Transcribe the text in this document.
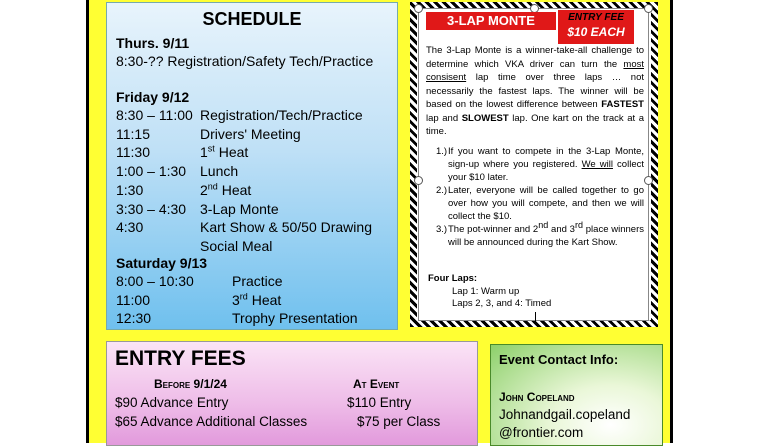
SCHEDULE
Thurs. 9/11
8:30-?? Registration/Safety Tech/Practice
Friday 9/12
8:30 – 11:00 Registration/Tech/Practice
11:15	Drivers' Meeting
11:30	1st Heat
1:00 – 1:30 Lunch
1:30	2nd Heat
3:30 – 4:30 3-Lap Monte
4:30	Kart Show & 50/50 Drawing
Social Meal
Saturday 9/13
8:00 – 10:30	Practice
11:00	3rd Heat
12:30	Trophy Presentation
3-LAP MONTE	ENTRY FEE
$10 EACH

The 3-Lap Monte is a winner-take-all challenge to determine which VKA driver can turn the most consisent lap time over three laps … not necessarily the fastest laps. The winner will be based on the lowest difference between FASTEST lap and SLOWEST lap. One kart on the track at a time.

1.) If you want to compete in the 3-Lap Monte, sign-up where you registered. We will collect your $10 later.
2.) Later, everyone will be called together to go over how you will compete, and then we will collect the $10.
3.) The pot-winner and 2nd and 3rd place winners will be announced during the Kart Show.
Four Laps:
Lap 1: Warm up
Laps 2, 3, and 4: Timed
ENTRY FEES
Before 9/1/24	At Event
$90 Advance Entry	$110 Entry
$65 Advance Additional Classes	$75 per Class
Event Contact Info:
John Copeland
Johnandgail.copeland
@frontier.com
